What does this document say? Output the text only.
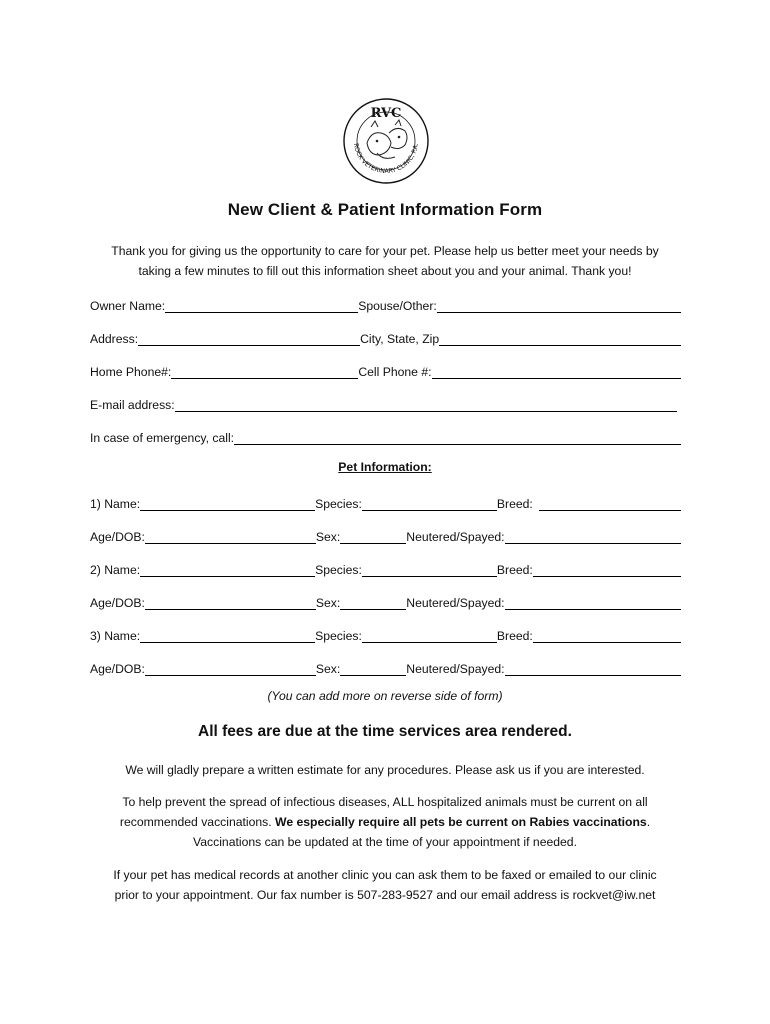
RVC
ROCK VETERINARY CLINIC, P.A.
New Client & Patient Information Form
Thank you for giving us the opportunity to care for your pet. Please help us better meet your needs by
taking a few minutes to fill out this information sheet about you and your animal. Thank you!
Owner Name:	Spouse/Other:
Address:	City, State, Zip
Home Phone#:	Cell Phone #:
E-mail address:
In case of emergency, call:
Pet Information:
1) Name:	Species:	Breed:
Age/DOB:	Sex:	Neutered/Spayed:
2) Name:	Species:	Breed:
Age/DOB:	Sex:	Neutered/Spayed:
3) Name:	Species:	Breed:
Age/DOB:	Sex:	Neutered/Spayed:
(You can add more on reverse side of form)
All fees are due at the time services area rendered.
We will gladly prepare a written estimate for any procedures. Please ask us if you are interested.
To help prevent the spread of infectious diseases, ALL hospitalized animals must be current on all
recommended vaccinations. We especially require all pets be current on Rabies vaccinations.
Vaccinations can be updated at the time of your appointment if needed.
If your pet has medical records at another clinic you can ask them to be faxed or emailed to our clinic
prior to your appointment. Our fax number is 507-283-9527 and our email address is rockvet@iw.net
